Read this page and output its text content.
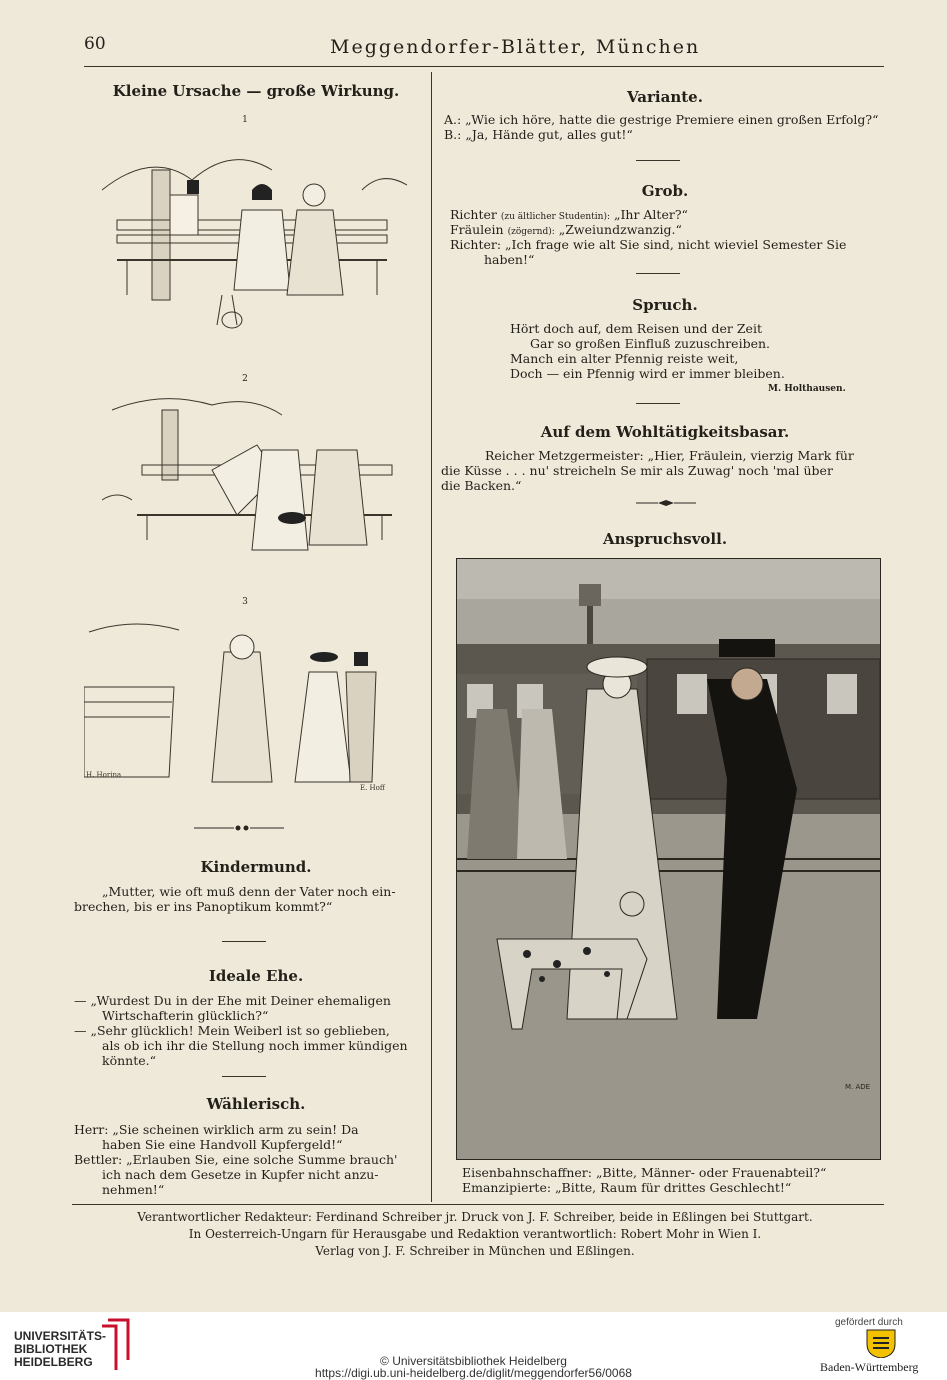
60	Meggendorfer-Blätter, München
Kleine Ursache — große Wirkung.
1
2
3
H. Horina
E. Hoff
Kindermund.
„Mutter, wie oft muß denn der Vater noch ein-
brechen, bis er ins Panoptikum kommt?“
Ideale Ehe.
— „Wurdest Du in der Ehe mit Deiner ehemaligen
Wirtschafterin glücklich?“
— „Sehr glücklich! Mein Weiberl ist so geblieben,
als ob ich ihr die Stellung noch immer kündigen
könnte.“
Wählerisch.
Herr: „Sie scheinen wirklich arm zu sein! Da
haben Sie eine Handvoll Kupfergeld!“
Bettler: „Erlauben Sie, eine solche Summe brauch'
ich nach dem Gesetze in Kupfer nicht anzu-
nehmen!“
Variante.
A.: „Wie ich höre, hatte die gestrige Premiere einen großen Erfolg?“
B.: „Ja, Hände gut, alles gut!“
Grob.
Richter (zu ältlicher Studentin): „Ihr Alter?“
Fräulein (zögernd): „Zweiundzwanzig.“
Richter: „Ich frage wie alt Sie sind, nicht wieviel Semester Sie
haben!“
Spruch.
Hört doch auf, dem Reisen und der Zeit
Gar so großen Einfluß zuzuschreiben.
Manch ein alter Pfennig reiste weit,
Doch — ein Pfennig wird er immer bleiben.
M. Holthausen.
Auf dem Wohltätigkeitsbasar.
Reicher Metzgermeister: „Hier, Fräulein, vierzig Mark für
die Küsse . . . nu' streicheln Se mir als Zuwag' noch 'mal über
die Backen.“
Anspruchsvoll.
M. ADE
Eisenbahnschaffner: „Bitte, Männer- oder Frauenabteil?“
Emanzipierte: „Bitte, Raum für drittes Geschlecht!“
Verantwortlicher Redakteur: Ferdinand Schreiber jr. Druck von J. F. Schreiber, beide in Eßlingen bei Stuttgart.
In Oesterreich-Ungarn für Herausgabe und Redaktion verantwortlich: Robert Mohr in Wien I.
Verlag von J. F. Schreiber in München und Eßlingen.
UNIVERSITÄTS-
BIBLIOTHEK
HEIDELBERG	© Universitätsbibliothek Heidelberg
https://digi.ub.uni-heidelberg.de/diglit/meggendorfer56/0068
gefördert durch
Baden-Württemberg
